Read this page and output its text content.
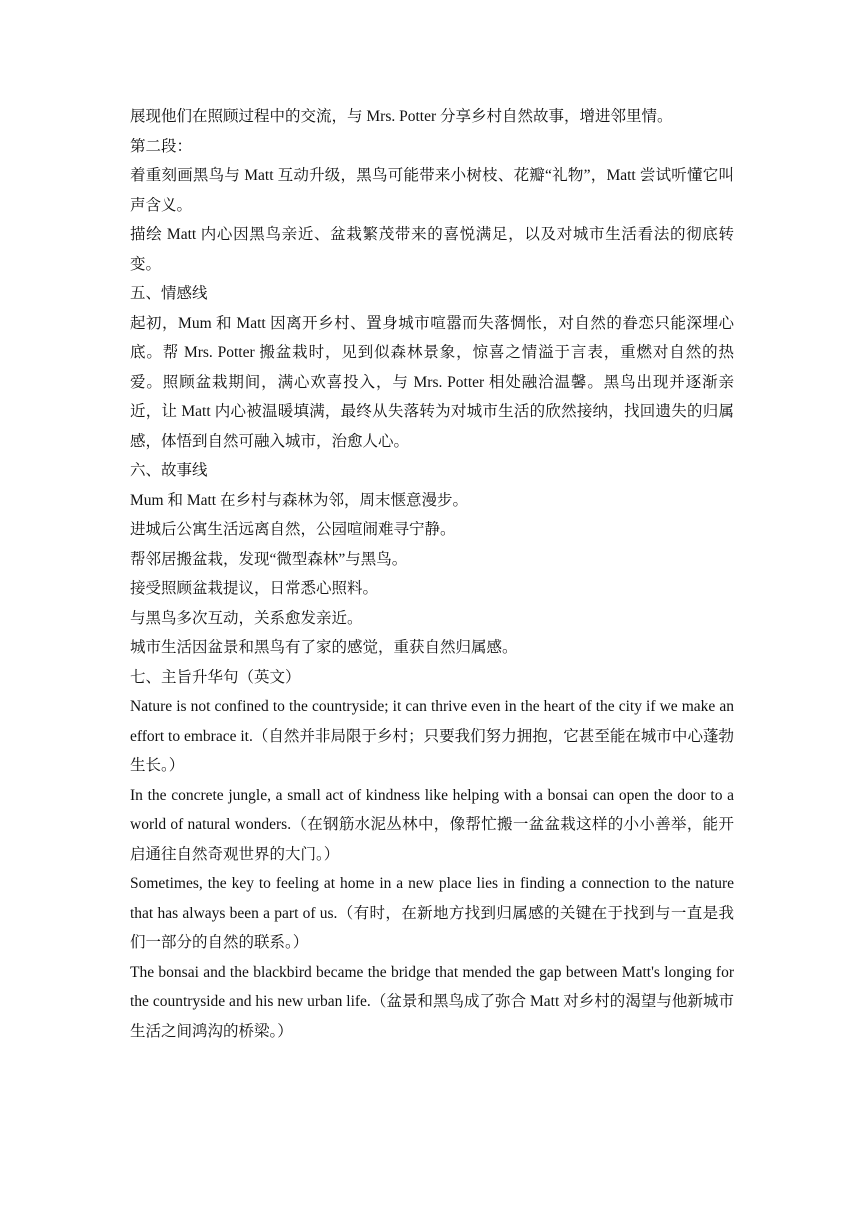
展现他们在照顾过程中的交流，与 Mrs. Potter 分享乡村自然故事，增进邻里情。

第二段：

着重刻画黑鸟与 Matt 互动升级，黑鸟可能带来小树枝、花瓣“礼物”，Matt 尝试听懂它叫声含义。

描绘 Matt 内心因黑鸟亲近、盆栽繁茂带来的喜悦满足，以及对城市生活看法的彻底转变。

五、情感线

起初，Mum 和 Matt 因离开乡村、置身城市喧嚣而失落惆怅，对自然的眷恋只能深埋心底。帮 Mrs. Potter 搬盆栽时，见到似森林景象，惊喜之情溢于言表，重燃对自然的热爱。照顾盆栽期间，满心欢喜投入，与 Mrs. Potter 相处融洽温馨。黑鸟出现并逐渐亲近，让 Matt 内心被温暖填满，最终从失落转为对城市生活的欣然接纳，找回遗失的归属感，体悟到自然可融入城市，治愈人心。

六、故事线

Mum 和 Matt 在乡村与森林为邻，周末惬意漫步。

进城后公寓生活远离自然，公园喧闹难寻宁静。

帮邻居搬盆栽，发现“微型森林”与黑鸟。

接受照顾盆栽提议，日常悉心照料。

与黑鸟多次互动，关系愈发亲近。

城市生活因盆景和黑鸟有了家的感觉，重获自然归属感。

七、主旨升华句（英文）

Nature is not confined to the countryside; it can thrive even in the heart of the city if we make an effort to embrace it.（自然并非局限于乡村；只要我们努力拥抱，它甚至能在城市中心蓬勃生长。）

In the concrete jungle, a small act of kindness like helping with a bonsai can open the door to a world of natural wonders.（在钢筋水泥丛林中，像帮忙搬一盆盆栽这样的小小善举，能开启通往自然奇观世界的大门。）

Sometimes, the key to feeling at home in a new place lies in finding a connection to the nature that has always been a part of us.（有时，在新地方找到归属感的关键在于找到与一直是我们一部分的自然的联系。）

The bonsai and the blackbird became the bridge that mended the gap between Matt's longing for the countryside and his new urban life.（盆景和黑鸟成了弥合 Matt 对乡村的渴望与他新城市生活之间鸿沟的桥梁。）
